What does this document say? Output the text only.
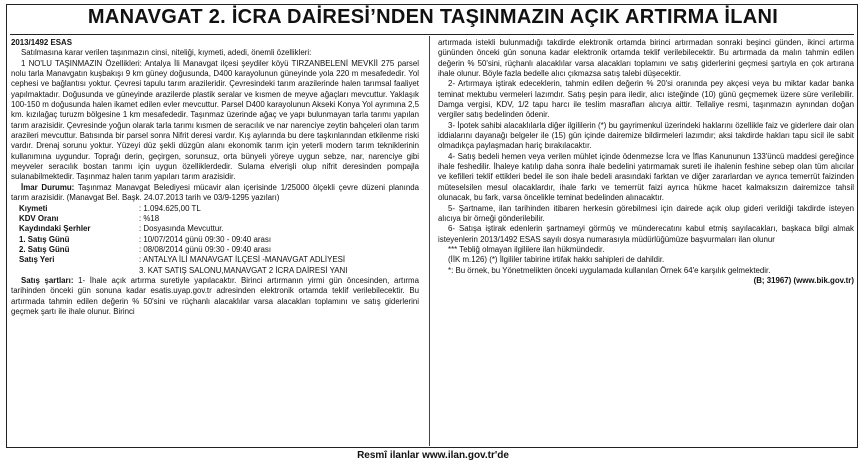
MANAVGAT 2. İCRA DAİRESİ’NDEN TAŞINMAZIN AÇIK ARTIRMA İLANI

2013/1492 ESAS

Satılmasına karar verilen taşınmazın cinsi, niteliği, kıymeti, adedi, önemli özellikleri:

1 NO'LU TAŞINMAZIN Özellikleri: Antalya İli Manavgat ilçesi şeydiler köyü TIRZANBELENİ MEVKİİ 275 parsel nolu tarla Manavgatın kuşbakışı 9 km güney doğusunda, D400 karayolunun güneyinde yola 220 m mesafededir. Yol cephesi ve bağlantısı yoktur. Çevresi tapulu tarım arazileridir. Çevresindeki tarım arazilerinde halen tarımsal faaliyet yapılmaktadır. Doğusunda ve güneyinde arazilerde plastik seralar ve kısmen de meyve ağaçları mevcuttur. Yaklaşık 100-150 m doğusunda halen ikamet edilen evler mevcuttur. Parsel D400 karayolunun Akseki Konya Yol ayrımına 2,5 km. kızılağaç turuzm bölgesine 1 km mesafededir. Taşınmaz üzerinde ağaç ve yapı bulunmayan tarla tarımı yapılan tarım arazisidir. Çevresinde yoğun olarak tarla tarımı kısmen de seracılık ve nar narenciye zeytin bahçeleri olan tarım arazileri mevcuttur. Batısında bir parsel sonra Nifrit deresi vardır. Kış aylarında bu dere taşkınlarından etkilenme riski vardır. Drenaj sorunu yoktur. Yüzeyi düz şekli düzgün alanı ekonomik tarım için yeterli modern tarım tekniklerinin kullanımına uygundur. Toprağı derin, geçirgen, sorunsuz, orta bünyeli yöreye uygun sebze, nar, narenciye gibi meyveler seracılık bostan tarımı için uygun özelliklerdedir. Sulama elverişli olup nifrit deresinden pompajla sulanabilmektedir. Taşınmaz halen tarım yapıları tarım arazisidir.

İmar Durumu: Taşınmaz Manavgat Belediyesi mücavir alan içerisinde 1/25000 ölçekli çevre düzeni planında tarım arazisidir. (Manavgat Bel. Başk. 24.07.2013 tarih ve 03/9-1295 yazıları)

Kıymeti	: 1.094.625,00 TL
KDV Oranı	: %18
Kaydındaki Şerhler	: Dosyasında Mevcuttur.
1. Satış Günü	: 10/07/2014 günü 09:30 - 09:40 arası
2. Satış Günü	: 08/08/2014 günü 09:30 - 09:40 arası
Satış Yeri	: ANTALYA İLİ MANAVGAT İLÇESİ -MANAVGAT ADLİYESİ
3. KAT SATIŞ SALONU,MANAVGAT 2 İCRA DAİRESİ YANI

Satış şartları: 1- İhale açık artırma suretiyle yapılacaktır. Birinci artırmanın yirmi gün öncesinden, artırma tarihinden önceki gün sonuna kadar esatis.uyap.gov.tr adresinden elektronik ortamda teklif verilebilecektir. Bu artırmada tahmin edilen değerin % 50'sini ve rüçhanlı alacaklılar varsa alacakları toplamını ve satış giderlerini geçmek şartı ile ihale olunur. Birinci

artırmada istekli bulunmadığı takdirde elektronik ortamda birinci artırmadan sonraki beşinci günden, ikinci artırma gününden önceki gün sonuna kadar elektronik ortamda teklif verilebilecektir. Bu artırmada da malın tahmin edilen değerin % 50'sini, rüçhanlı alacaklılar varsa alacakları toplamını ve satış giderlerini geçmesi şartıyla en çok artırana ihale olunur. Böyle fazla bedelle alıcı çıkmazsa satış talebi düşecektir.

2- Artırmaya iştirak edeceklerin, tahmin edilen değerin % 20'si oranında pey akçesi veya bu miktar kadar banka teminat mektubu vermeleri lazımdır. Satış peşin para iledir, alıcı isteğinde (10) günü geçmemek üzere süre verilebilir. Damga vergisi, KDV, 1/2 tapu harcı ile teslim masrafları alıcıya aittir. Tellaliye resmi, taşınmazın aynından doğan vergiler satış bedelinden ödenir.

3- İpotek sahibi alacaklılarla diğer ilgililerin (*) bu gayrimenkul üzerindeki haklarını özellikle faiz ve giderlere dair olan iddialarını dayanağı belgeler ile (15) gün içinde dairemize bildirmeleri lazımdır; aksi takdirde hakları tapu sicil ile sabit olmadıkça paylaşmadan hariç bırakılacaktır.

4- Satış bedeli hemen veya verilen mühlet içinde ödenmezse İcra ve İflas Kanununun 133'üncü maddesi gereğince ihale feshedilir. İhaleye katılıp daha sonra ihale bedelini yatırmamak sureti ile ihalenin feshine sebep olan tüm alıcılar ve kefilleri teklif ettikleri bedel ile son ihale bedeli arasındaki farktan ve diğer zararlardan ve ayrıca temerrüt faizinden müteselsilen mesul olacaklardır, ihale farkı ve temerrüt faizi ayrıca hükme hacet kalmaksızın dairemizce tahsil olunacak, bu fark, varsa öncelikle teminat bedelinden alınacaktır.

5- Şartname, ilan tarihinden itibaren herkesin görebilmesi için dairede açık olup gideri verildiği takdirde isteyen alıcıya bir örneği gönderilebilir.

6- Satışa iştirak edenlerin şartnameyi görmüş ve münderecatını kabul etmiş sayılacakları, başkaca bilgi almak isteyenlerin 2013/1492 ESAS sayılı dosya numarasıyla müdürlüğümüze başvurmaları ilan olunur

*** Tebliğ olmayan ilgililere ilan hükmündedir.

(İİK m.126) (*) İlgililer tabirine irtifak hakkı sahipleri de dahildir.

*: Bu örnek, bu Yönetmelikten önceki uygulamada kullanılan Örnek 64'e karşılık gelmektedir.

(B; 31967) (www.bik.gov.tr)

Resmî ilanlar www.ilan.gov.tr'de
